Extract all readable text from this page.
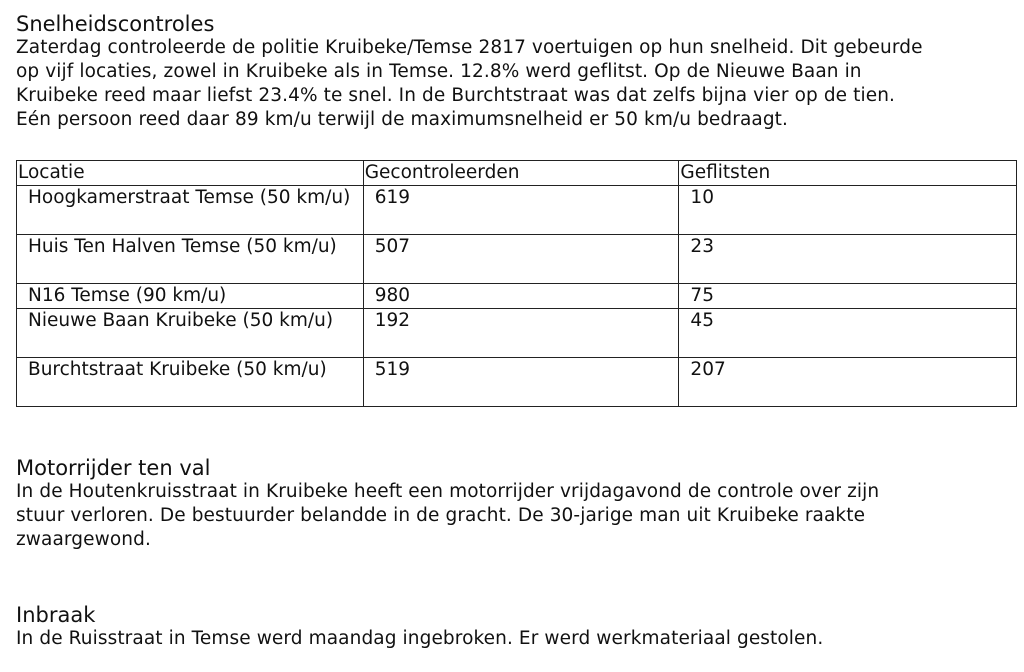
Snelheidscontroles

Zaterdag controleerde de politie Kruibeke/Temse 2817 voertuigen op hun snelheid. Dit gebeurde

op vijf locaties, zowel in Kruibeke als in Temse. 12.8% werd geflitst. Op de Nieuwe Baan in

Kruibeke reed maar liefst 23.4% te snel. In de Burchtstraat was dat zelfs bijna vier op de tien.

Eén persoon reed daar 89 km/u terwijl de maximumsnelheid er 50 km/u bedraagt.

Locatie	Gecontroleerden	Geflitsten
Hoogkamerstraat Temse (50 km/u)	619	10
Huis Ten Halven Temse (50 km/u)	507	23
N16 Temse (90 km/u)	980	75
Nieuwe Baan Kruibeke (50 km/u)	192	45
Burchtstraat Kruibeke (50 km/u)	519	207
Motorrijder ten val

In de Houtenkruisstraat in Kruibeke heeft een motorrijder vrijdagavond de controle over zijn

stuur verloren. De bestuurder belandde in de gracht. De 30-jarige man uit Kruibeke raakte

zwaargewond.

Inbraak

In de Ruisstraat in Temse werd maandag ingebroken. Er werd werkmateriaal gestolen.
